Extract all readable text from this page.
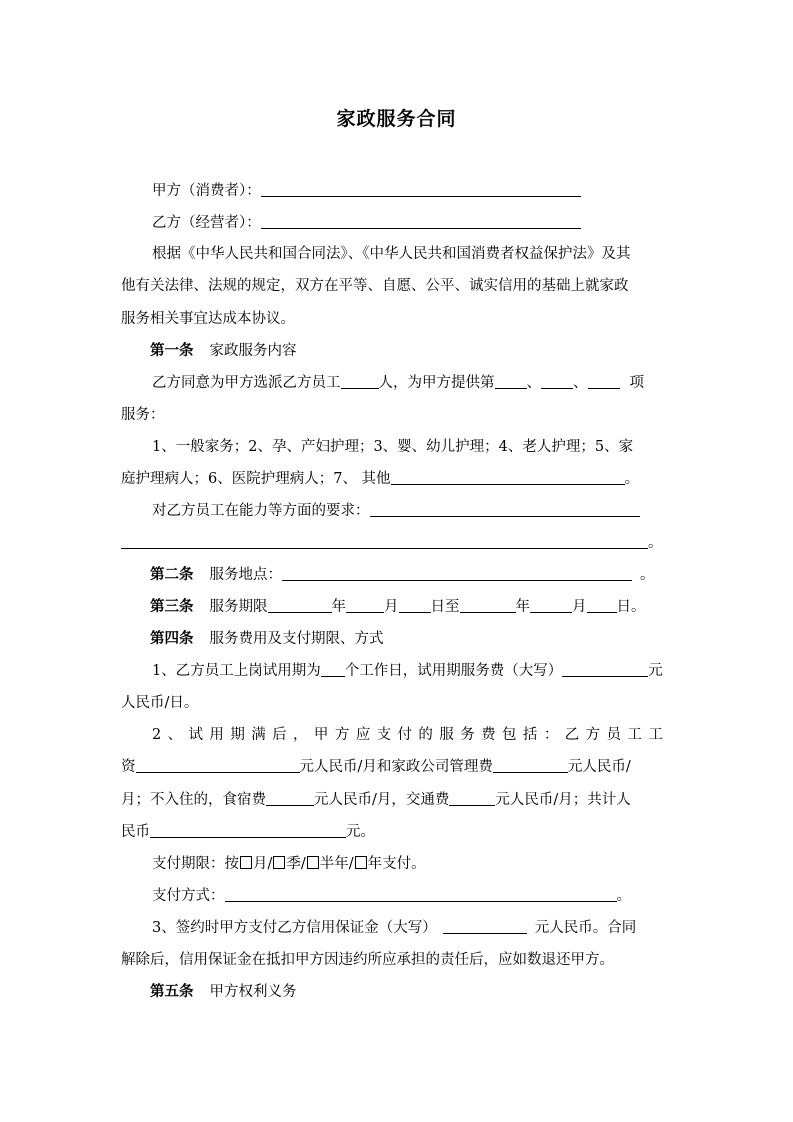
家政服务合同
甲方（消费者）：
乙方（经营者）：
根据《中华人民共和国合同法》、《中华人民共和国消费者权益保护法》及其
他有关法律、法规的规定，双方在平等、自愿、公平、诚实信用的基础上就家政
服务相关事宜达成本协议。
第一条 家政服务内容
乙方同意为甲方选派乙方员工	人，为甲方提供第 、 、	项
服务：
1、一般家务；2、孕、产妇护理；3、婴、幼儿护理；4、老人护理；5、家
庭护理病人；6、医院护理病人；7、 其他	。
对乙方员工在能力等方面的要求：
。
第二条 服务地点：	。
第三条 服务期限	年	月 日至	年	月 日。
第四条 服务费用及支付期限、方式
1、乙方员工上岗试用期为 个工作日，试用期服务费（大写）	元
人民币/日。
2、试用期满后，甲方应支付的服务费包括：乙方员工工
资	元人民币/月和家政公司管理费	元人民币/
月；不入住的，食宿费	元人民币/月，交通费	元人民币/月；共计人
民币	元。
支付期限：按 月/ 季/ 半年/ 年支付。
支付方式：	。
3、签约时甲方支付乙方信用保证金（大写）	元人民币。合同
解除后，信用保证金在抵扣甲方因违约所应承担的责任后，应如数退还甲方。
第五条 甲方权利义务
